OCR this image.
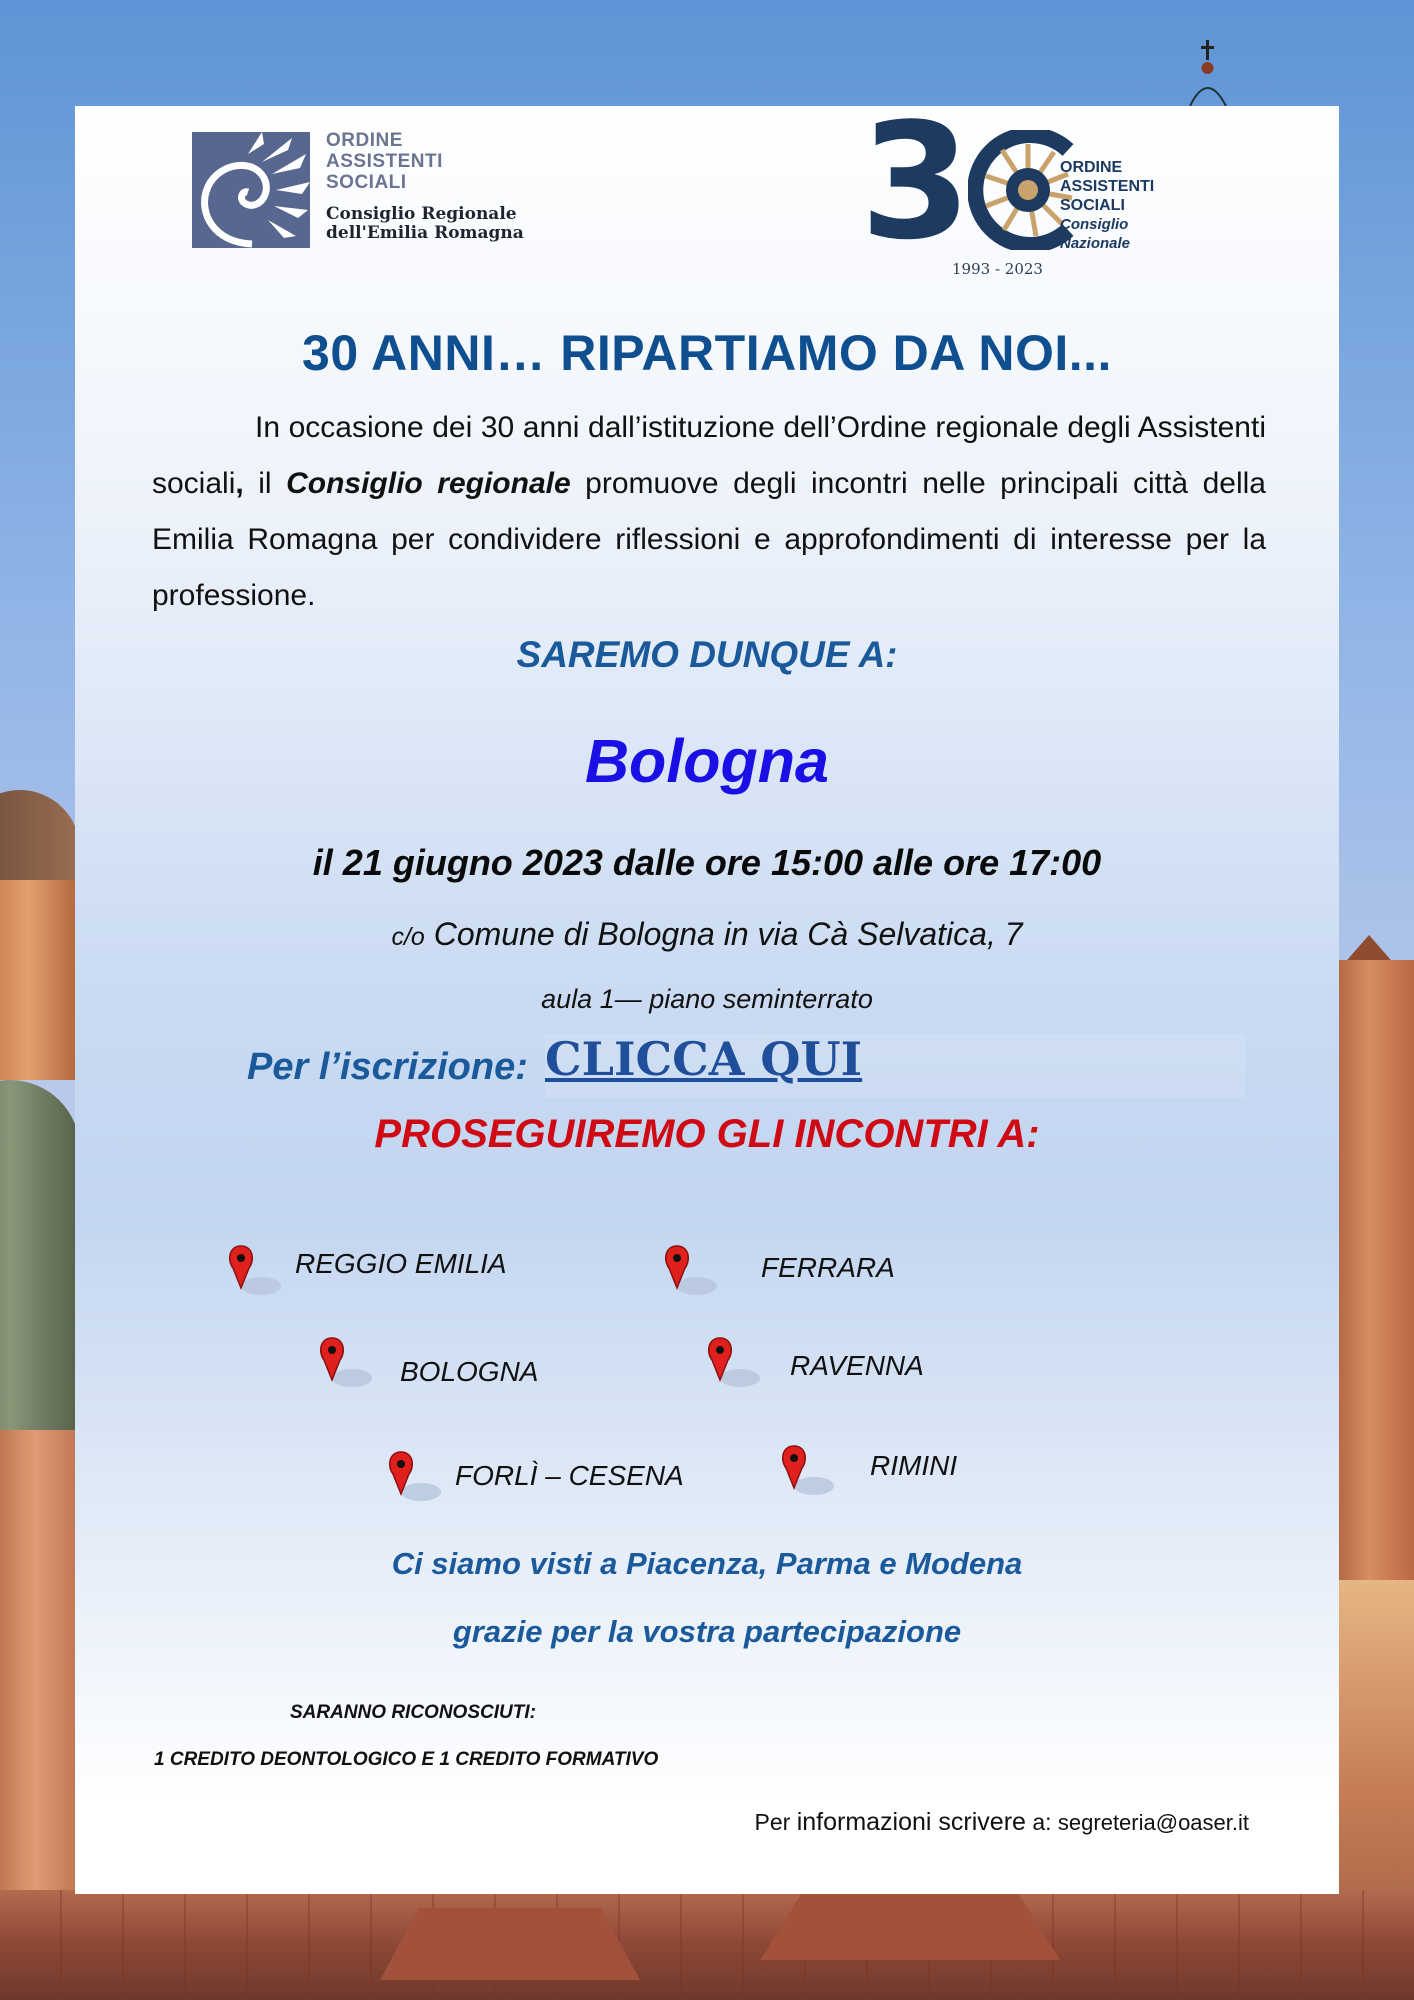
ORDINE
ASSISTENTI
SOCIALI
Consiglio Regionale
dell'Emilia Romagna 3
1993 - 2023
ORDINE
ASSISTENTI
SOCIALI
Consiglio Nazionale
30 ANNI… RIPARTIAMO DA NOI...
In occasione dei 30 anni dall’istituzione dell’Ordine regionale degli Assistenti sociali, il Consiglio regionale promuove degli incontri nelle principali città della Emilia Romagna per condividere riflessioni e approfondimenti di interesse per la professione.
SAREMO DUNQUE A:
Bologna
il 21 giugno 2023 dalle ore 15:00 alle ore 17:00
c/o Comune di Bologna in via Cà Selvatica, 7
aula 1— piano seminterrato
Per l’iscrizione: CLICCA QUI
PROSEGUIREMO GLI INCONTRI A:
REGGIO EMILIA	FERRARA
BOLOGNA	RAVENNA
FORLÌ – CESENA	RIMINI
Ci siamo visti a Piacenza, Parma e Modena
grazie per la vostra partecipazione
SARANNO RICONOSCIUTI:
1 CREDITO DEONTOLOGICO E 1 CREDITO FORMATIVO
Per informazioni scrivere a: segreteria@oaser.it
